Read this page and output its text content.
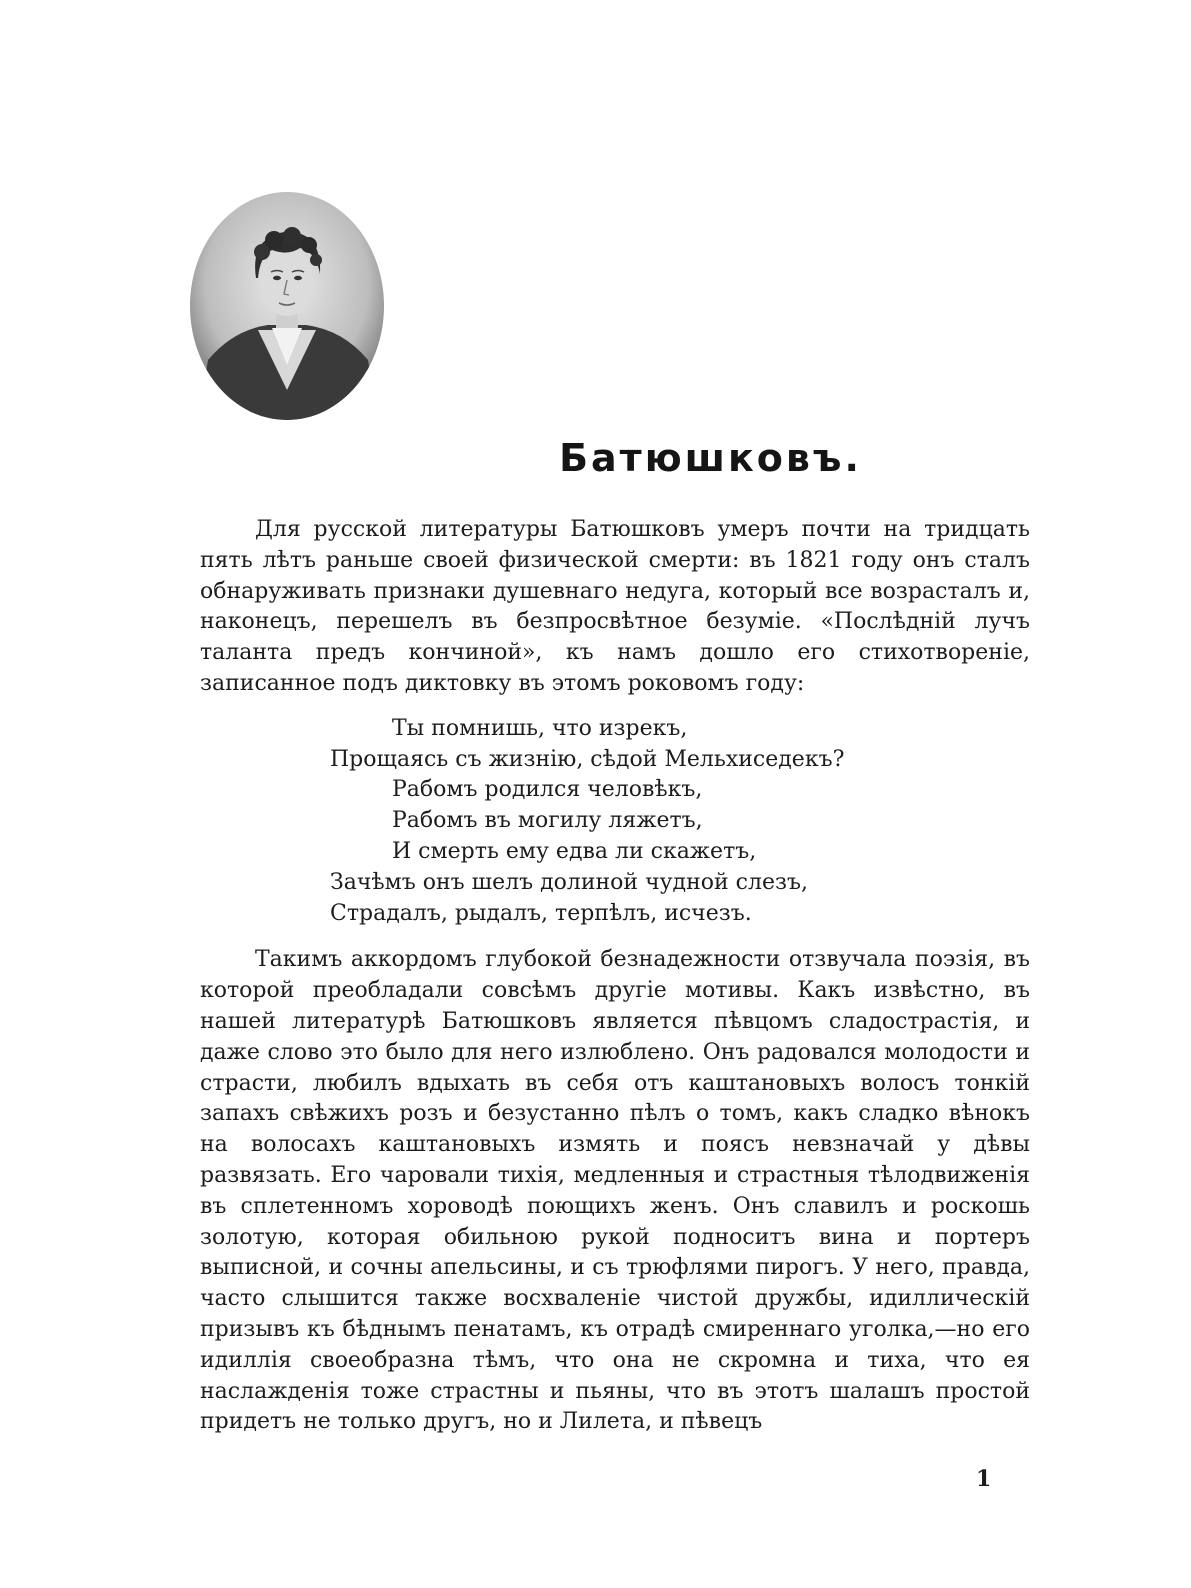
Батюшковъ.

Для русской литературы Батюшковъ умеръ почти на тридцать пять лѣтъ раньше своей физической смерти: въ 1821 году онъ сталъ обнаруживать признаки душевнаго недуга, который все возрасталъ и, наконецъ, перешелъ въ безпросвѣтное безуміе. «Послѣдній лучъ таланта предъ кончиной», къ намъ дошло его стихотвореніе, записанное подъ диктовку въ этомъ роковомъ году:

Ты помнишь, что изрекъ,
Прощаясь съ жизнію, сѣдой Мельхиседекъ?
Рабомъ родился человѣкъ,
Рабомъ въ могилу ляжетъ,
И смерть ему едва ли скажетъ,
Зачѣмъ онъ шелъ долиной чудной слезъ,
Страдалъ, рыдалъ, терпѣлъ, исчезъ.

Такимъ аккордомъ глубокой безнадежности отзвучала поэзія, въ которой преобладали совсѣмъ другіе мотивы. Какъ извѣстно, въ нашей литературѣ Батюшковъ является пѣвцомъ сладострастія, и даже слово это было для него излюблено. Онъ радовался молодости и страсти, любилъ вдыхать въ себя отъ каштановыхъ волосъ тонкій запахъ свѣжихъ розъ и безустанно пѣлъ о томъ, какъ сладко вѣнокъ на волосахъ каштановыхъ измять и поясъ невзначай у дѣвы развязать. Его чаровали тихія, медленныя и страстныя тѣлодвиженія въ сплетенномъ хороводѣ поющихъ женъ. Онъ славилъ и роскошь золотую, которая обильною рукой подноситъ вина и портеръ выписной, и сочны апельсины, и съ трюфлями пирогъ. У него, правда, часто слышится также восхваленіе чистой дружбы, идиллическій призывъ къ бѣднымъ пенатамъ, къ отрадѣ смиреннаго уголка,—но его идиллія своеобразна тѣмъ, что она не скромна и тиха, что ея наслажденія тоже страстны и пьяны, что въ этотъ шалашъ простой придетъ не только другъ, но и Лилета, и пѣвецъ

1
